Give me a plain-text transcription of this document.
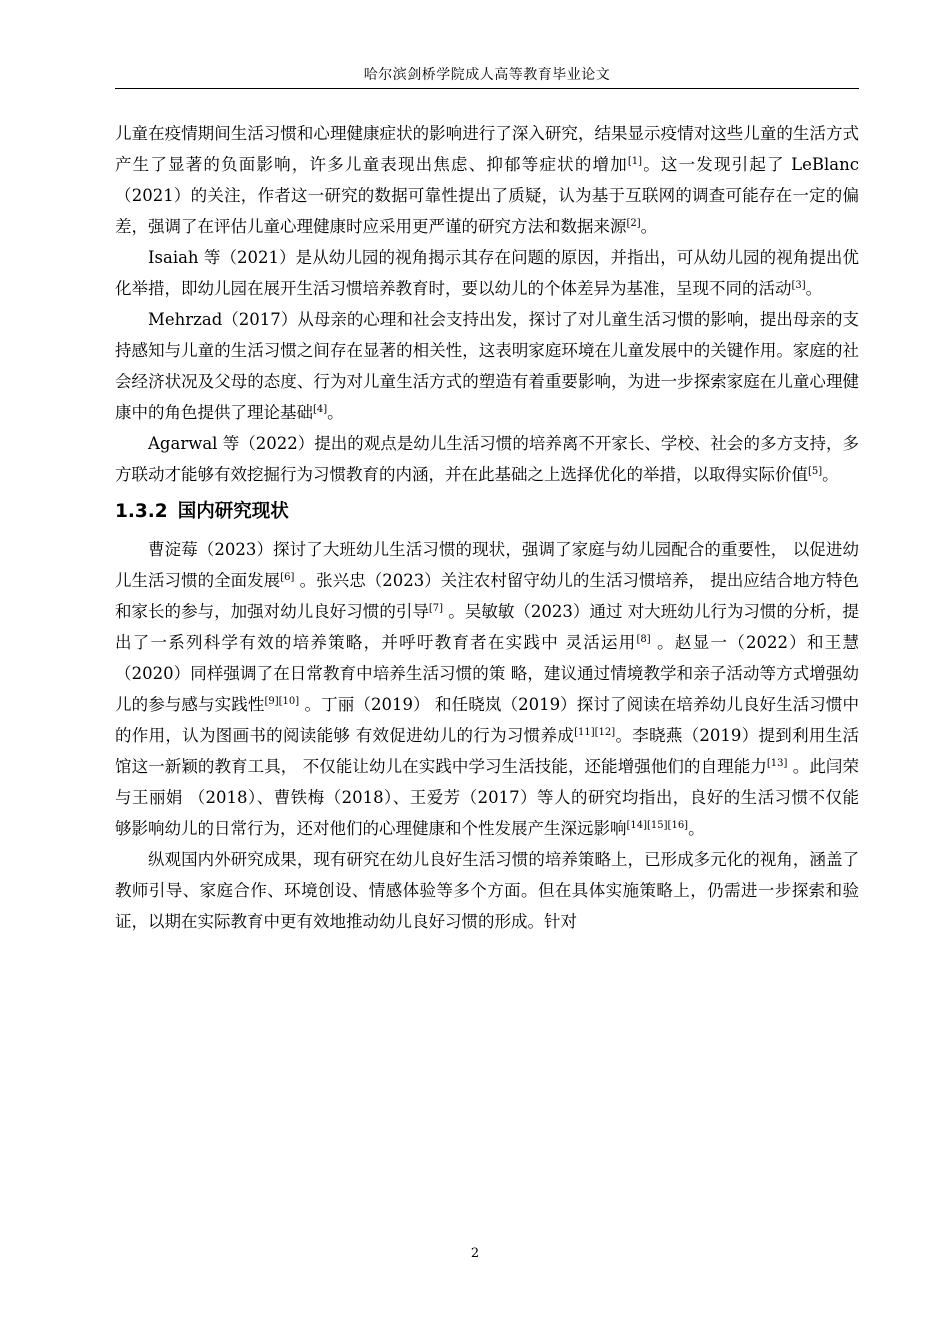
哈尔滨剑桥学院成人高等教育毕业论文

儿童在疫情期间生活习惯和心理健康症状的影响进行了深入研究，结果显示疫情对这些儿童的生活方式产生了显著的负面影响，许多儿童表现出焦虑、抑郁等症状的增加[1]。这一发现引起了 LeBlanc（2021）的关注，作者这一研究的数据可靠性提出了质疑，认为基于互联网的调查可能存在一定的偏差，强调了在评估儿童心理健康时应采用更严谨的研究方法和数据来源[2]。

Isaiah 等（2021）是从幼儿园的视角揭示其存在问题的原因，并指出，可从幼儿园的视角提出优化举措，即幼儿园在展开生活习惯培养教育时，要以幼儿的个体差异为基准，呈现不同的活动[3]。

Mehrzad（2017）从母亲的心理和社会支持出发，探讨了对儿童生活习惯的影响，提出母亲的支持感知与儿童的生活习惯之间存在显著的相关性，这表明家庭环境在儿童发展中的关键作用。家庭的社会经济状况及父母的态度、行为对儿童生活方式的塑造有着重要影响，为进一步探索家庭在儿童心理健康中的角色提供了理论基础[4]。

Agarwal 等（2022）提出的观点是幼儿生活习惯的培养离不开家长、学校、社会的多方支持，多方联动才能够有效挖掘行为习惯教育的内涵，并在此基础之上选择优化的举措，以取得实际价值[5]。

1.3.2 国内研究现状

曹淀莓（2023）探讨了大班幼儿生活习惯的现状，强调了家庭与幼儿园配合的重要性， 以促进幼儿生活习惯的全面发展[6] 。张兴忠（2023）关注农村留守幼儿的生活习惯培养， 提出应结合地方特色和家长的参与，加强对幼儿良好习惯的引导[7] 。吴敏敏（2023）通过 对大班幼儿行为习惯的分析，提出了一系列科学有效的培养策略，并呼吁教育者在实践中 灵活运用[8] 。赵显一（2022）和王慧（2020）同样强调了在日常教育中培养生活习惯的策 略，建议通过情境教学和亲子活动等方式增强幼儿的参与感与实践性[9][10] 。丁丽（2019） 和任晓岚（2019）探讨了阅读在培养幼儿良好生活习惯中的作用，认为图画书的阅读能够 有效促进幼儿的行为习惯养成[11][12]。李晓燕（2019）提到利用生活馆这一新颖的教育工具， 不仅能让幼儿在实践中学习生活技能，还能增强他们的自理能力[13] 。此闫荣与王丽娟 （2018）、曹铁梅（2018）、王爱芳（2017）等人的研究均指出，良好的生活习惯不仅能 够影响幼儿的日常行为，还对他们的心理健康和个性发展产生深远影响[14][15][16]。

纵观国内外研究成果，现有研究在幼儿良好生活习惯的培养策略上，已形成多元化的视角，涵盖了教师引导、家庭合作、环境创设、情感体验等多个方面。但在具体实施策略上，仍需进一步探索和验证，以期在实际教育中更有效地推动幼儿良好习惯的形成。针对

2
